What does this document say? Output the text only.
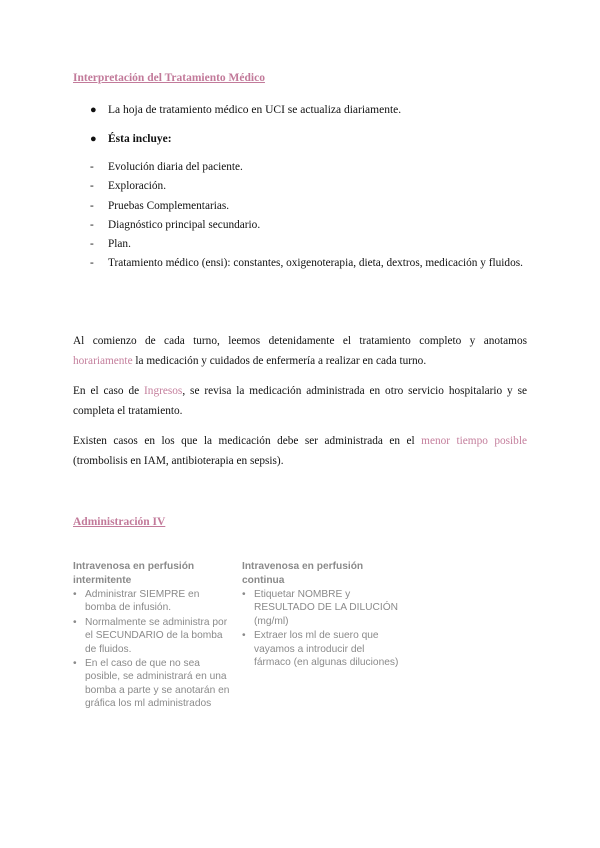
Interpretación del Tratamiento Médico
● La hoja de tratamiento médico en UCI se actualiza diariamente.
● Ésta incluye:
-	Evolución diaria del paciente.
-	Exploración.
-	Pruebas Complementarias.
-	Diagnóstico principal secundario.
-	Plan.
-	Tratamiento médico (ensi): constantes, oxigenoterapia, dieta, dextros, medicación y fluidos.
Al comienzo de cada turno, leemos detenidamente el tratamiento completo y anotamos horariamente la medicación y cuidados de enfermería a realizar en cada turno.
En el caso de Ingresos, se revisa la medicación administrada en otro servicio hospitalario y se completa el tratamiento.
Existen casos en los que la medicación debe ser administrada en el menor tiempo posible (trombolisis en IAM, antibioterapia en sepsis).
Administración IV
Intravenosa en perfusión intermitente
• Administrar SIEMPRE en bomba de infusión.
• Normalmente se administra por el SECUNDARIO de la bomba de fluidos.
• En el caso de que no sea posible, se administrará en una bomba a parte y se anotarán en gráfica los ml administrados
Intravenosa en perfusión continua
• Etiquetar NOMBRE y RESULTADO DE LA DILUCIÓN (mg/ml)
• Extraer los ml de suero que vayamos a introducir del fármaco (en algunas diluciones)
